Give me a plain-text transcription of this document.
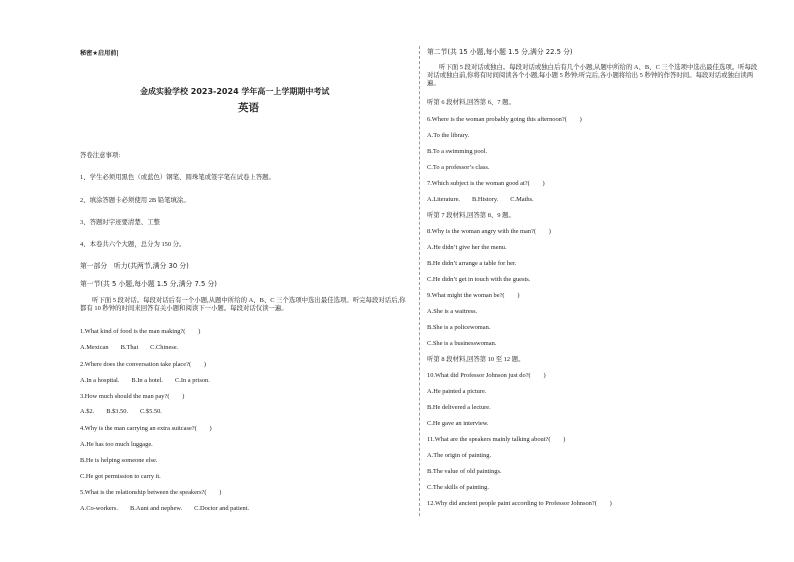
秘密★启用前|
金成实验学校 2023-2024 学年高一上学期期中考试
英语
答卷注意事项:
1、学生必须用黑色（或蓝色）钢笔、圆珠笔或签字笔在试卷上答题。
2、填涂答题卡必须使用 2B 铅笔填涂。
3、答题时字迹要清楚、工整
4、本卷共六个大题，总分为 150 分。
第一部分　听力(共两节,满分 30 分)
第一节(共 5 小题,每小题 1.5 分,满分 7.5 分)
听下面 5 段对话。每段对话后有一个小题,从题中所给的 A、B、C 三个选项中选出最佳选项。听完每段对话后,你都有 10 秒钟的时间来回答有关小题和阅读下一小题。每段对话仅读一遍。
1.What kind of food is the man making?(　　)
A.Mexican B.Thai C.Chinese.
2.Where does the conversation take place?(　　)
A.In a hospital. B.In a hotel. C.In a prison.
3.How much should the man pay?(　　)
A.$2. B.$3.50. C.$5.50.
4.Why is the man carrying an extra suitcase?(　　)
A.He has too much luggage.
B.He is helping someone else.
C.He got permission to carry it.
5.What is the relationship between the speakers?(　　)
A.Co-workers. B.Aunt and nephew. C.Doctor and patient.
第二节(共 15 小题,每小题 1.5 分,满分 22.5 分)
听下面 5 段对话或独白。每段对话或独白后有几个小题,从题中所给的 A、B、C 三个选项中选出最佳选项。听每段对话或独白前,你将有时间阅读各个小题,每小题 5 秒钟;听完后,各小题将给出 5 秒钟的作答时间。每段对话或独白读两遍。
听第 6 段材料,回答第 6、7 题。
6.Where is the woman probably going this afternoon?(　　)
A.To the library.
B.To a swimming pool.
C.To a professor’s class.
7.Which subject is the woman good at?(　　)
A.Literature. B.History. C.Maths.
听第 7 段材料,回答第 8、9 题。
8.Why is the woman angry with the man?(　　)
A.He didn’t give her the menu.
B.He didn’t arrange a table for her.
C.He didn’t get in touch with the guests.
9.What might the woman be?(　　)
A.She is a waitress.
B.She is a policewoman.
C.She is a businesswoman.
听第 8 段材料,回答第 10 至 12 题。
10.What did Professor Johnson just do?(　　)
A.He painted a picture.
B.He delivered a lecture.
C.He gave an interview.
11.What are the speakers mainly talking about?(　　)
A.The origin of painting.
B.The value of old paintings.
C.The skills of painting.
12.Why did ancient people paint according to Professor Johnson?(　　)
